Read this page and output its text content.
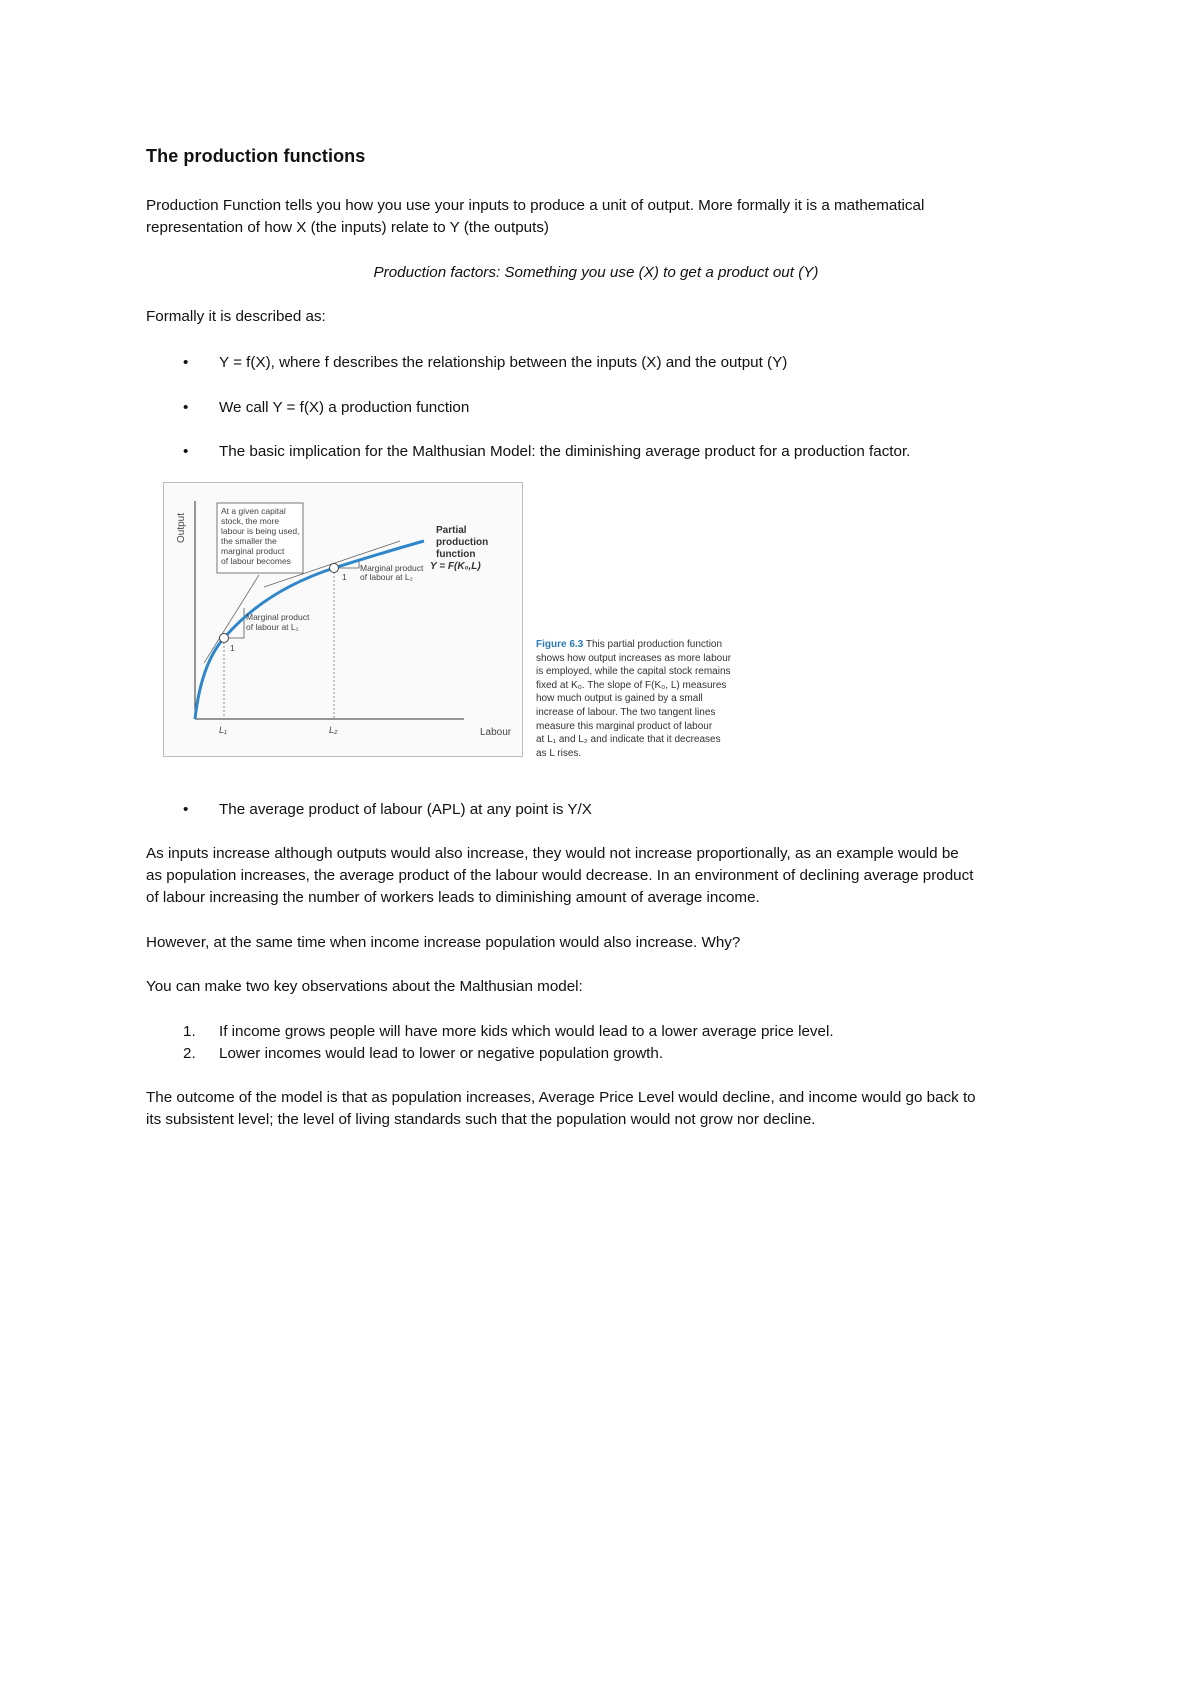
The production functions

Production Function tells you how you use your inputs to produce a unit of output. More formally it is a mathematical

representation of how X (the inputs) relate to Y (the outputs)

Production factors: Something you use (X) to get a product out (Y)

Formally it is described as:

•	Y = f(X), where f describes the relationship between the inputs (X) and the output (Y)
•	We call Y = f(X) a production function
•	The basic implication for the Malthusian Model: the diminishing average product for a production factor.
Output
Labour
At a given capital
stock, the more
labour is being used,
the smaller the
marginal product
of labour becomes
1
1
Partial
production
function
Y = F(K₀,L)
Marginal product
of labour at L₂
Marginal product
of labour at L₁
L₁	L₂
Figure 6.3 This partial production function
shows how output increases as more labour
is employed, while the capital stock remains
fixed at K₀. The slope of F(K₀, L) measures
how much output is gained by a small
increase of labour. The two tangent lines
measure this marginal product of labour
at L₁ and L₂ and indicate that it decreases
as L rises.
•	The average product of labour (APL) at any point is Y/X

As inputs increase although outputs would also increase, they would not increase proportionally, as an example would be

as population increases, the average product of the labour would decrease. In an environment of declining average product

of labour increasing the number of workers leads to diminishing amount of average income.

However, at the same time when income increase population would also increase. Why?

You can make two key observations about the Malthusian model:

1. If income grows people will have more kids which would lead to a lower average price level.
2. Lower incomes would lead to lower or negative population growth.

The outcome of the model is that as population increases, Average Price Level would decline, and income would go back to

its subsistent level; the level of living standards such that the population would not grow nor decline.
